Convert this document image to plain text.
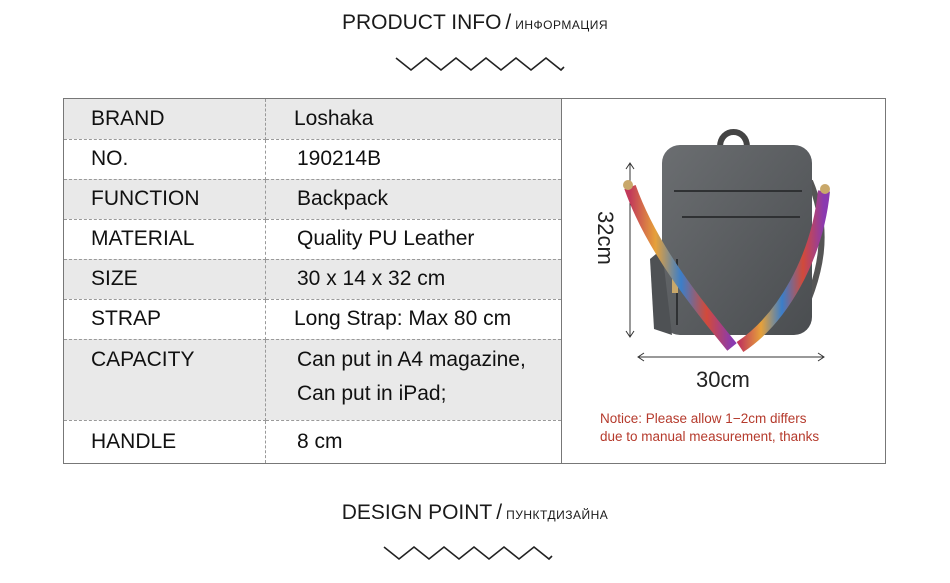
PRODUCT INFO / ИНФОРМАЦИЯ
BRAND	Loshaka
NO.	190214B
FUNCTION	Backpack
MATERIAL	Quality PU Leather
SIZE	30 x 14 x 32 cm
STRAP	Long Strap: Max 80 cm
CAPACITY	Can put in A4 magazine,
Can put in iPad;

HANDLE	8 cm
32cm
30cm
Notice: Please allow 1−2cm differs
due to manual measurement, thanks
DESIGN POINT / ПУНКТДИЗАЙНА
